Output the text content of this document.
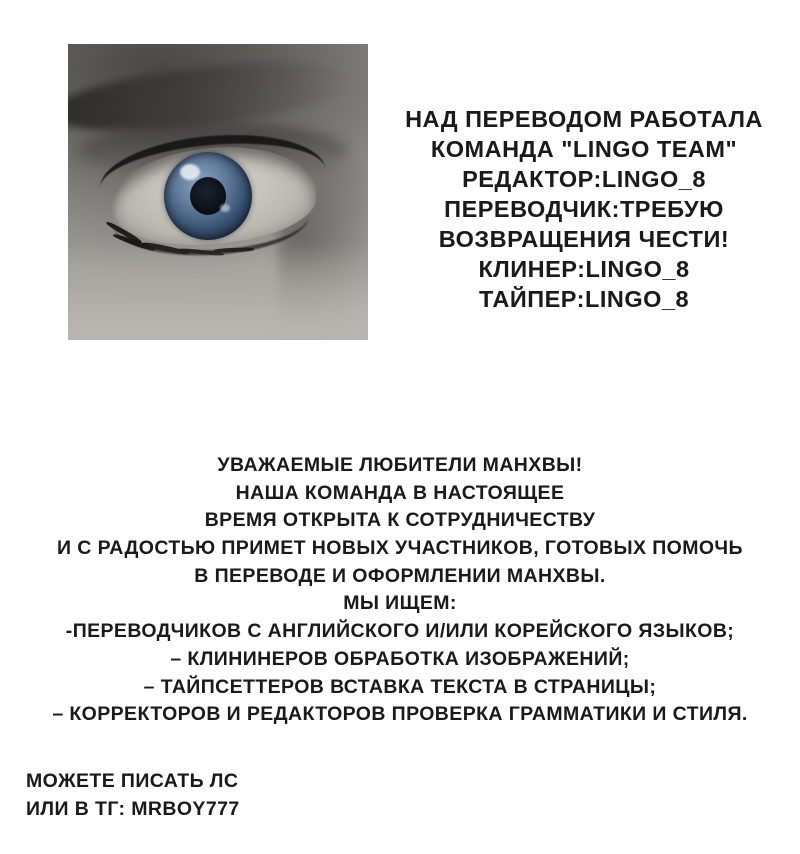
НАД ПЕРЕВОДОМ РАБОТАЛА
КОМАНДА "LINGO TEAM"
РЕДАКТОР:LINGO_8
ПЕРЕВОДЧИК:ТРЕБУЮ
ВОЗВРАЩЕНИЯ ЧЕСТИ!
КЛИНЕР:LINGO_8
ТАЙПЕР:LINGO_8
УВАЖАЕМЫЕ ЛЮБИТЕЛИ МАНХВЫ!
НАША КОМАНДА В НАСТОЯЩЕЕ
ВРЕМЯ ОТКРЫТА К СОТРУДНИЧЕСТВУ
И С РАДОСТЬЮ ПРИМЕТ НОВЫХ УЧАСТНИКОВ, ГОТОВЫХ ПОМОЧЬ
В ПЕРЕВОДЕ И ОФОРМЛЕНИИ МАНХВЫ.
МЫ ИЩЕМ:
-ПЕРЕВОДЧИКОВ С АНГЛИЙСКОГО И/ИЛИ КОРЕЙСКОГО ЯЗЫКОВ;
– КЛИНИНЕРОВ ОБРАБОТКА ИЗОБРАЖЕНИЙ;
– ТАЙПСЕТТЕРОВ ВСТАВКА ТЕКСТА В СТРАНИЦЫ;
– КОРРЕКТОРОВ И РЕДАКТОРОВ ПРОВЕРКА ГРАММАТИКИ И СТИЛЯ.
МОЖЕТЕ ПИСАТЬ ЛС
ИЛИ В ТГ: MRBOY777
